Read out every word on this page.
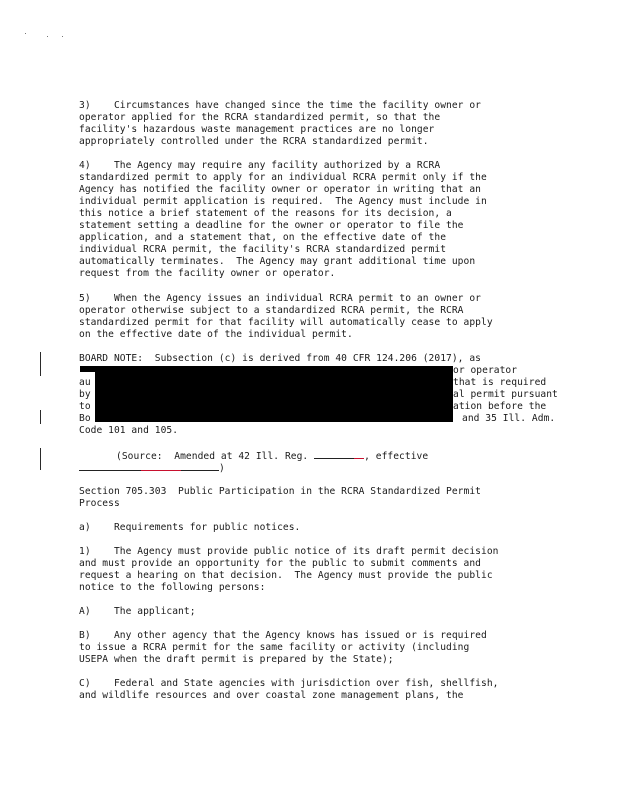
3)    Circumstances have changed since the time the facility owner or
operator applied for the RCRA standardized permit, so that the
facility's hazardous waste management practices are no longer
appropriately controlled under the RCRA standardized permit.
4)    The Agency may require any facility authorized by a RCRA
standardized permit to apply for an individual RCRA permit only if the
Agency has notified the facility owner or operator in writing that an
individual permit application is required.  The Agency must include in
this notice a brief statement of the reasons for its decision, a
statement setting a deadline for the owner or operator to file the
application, and a statement that, on the effective date of the
individual RCRA permit, the facility's RCRA standardized permit
automatically terminates.  The Agency may grant additional time upon
request from the facility owner or operator.
5)    When the Agency issues an individual RCRA permit to an owner or
operator otherwise subject to a standardized RCRA permit, the RCRA
standardized permit for that facility will automatically cease to apply
on the effective date of the individual permit.
BOARD NOTE:  Subsection (c) is derived from 40 CFR 124.206 (2017), as
or operator
au	that is required
by	al permit pursuant
to	ation before the
Bo	and 35 Ill. Adm.
Code 101 and 105.
(Source:  Amended at 42 Ill. Reg.	, effective
)
Section 705.303  Public Participation in the RCRA Standardized Permit
Process
a)    Requirements for public notices.
1)    The Agency must provide public notice of its draft permit decision
and must provide an opportunity for the public to submit comments and
request a hearing on that decision.  The Agency must provide the public
notice to the following persons:
A)    The applicant;
B)    Any other agency that the Agency knows has issued or is required
to issue a RCRA permit for the same facility or activity (including
USEPA when the draft permit is prepared by the State);
C)    Federal and State agencies with jurisdiction over fish, shellfish,
and wildlife resources and over coastal zone management plans, the
